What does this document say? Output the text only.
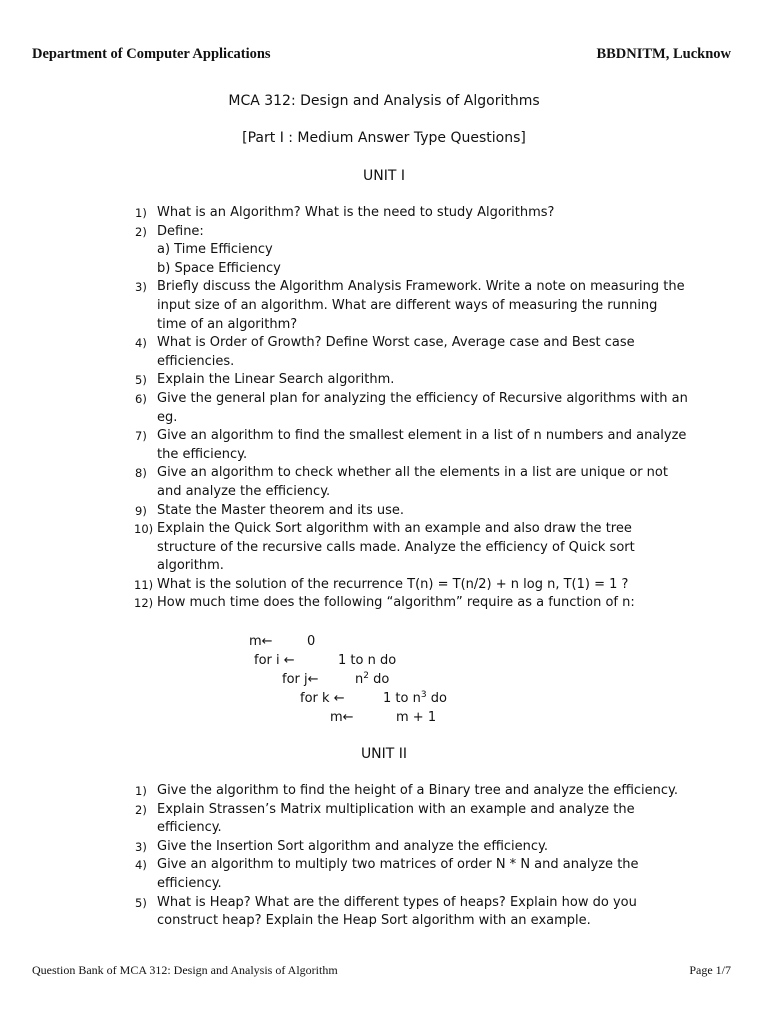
Department of Computer Applications	BBDNITM, Lucknow
MCA 312: Design and Analysis of Algorithms
[Part I : Medium Answer Type Questions]
UNIT I
1) What is an Algorithm? What is the need to study Algorithms?
2) Define:
a) Time Efficiency
b) Space Efficiency
3) Briefly discuss the Algorithm Analysis Framework. Write a note on measuring the input size of an algorithm. What are different ways of measuring the running time of an algorithm?
4) What is Order of Growth? Define Worst case, Average case and Best case efficiencies.
5) Explain the Linear Search algorithm.
6) Give the general plan for analyzing the efficiency of Recursive algorithms with an eg.
7) Give an algorithm to find the smallest element in a list of n numbers and analyze the efficiency.
8) Give an algorithm to check whether all the elements in a list are unique or not and analyze the efficiency.
9) State the Master theorem and its use.
10) Explain the Quick Sort algorithm with an example and also draw the tree structure of the recursive calls made. Analyze the efficiency of Quick sort algorithm.
11) What is the solution of the recurrence T(n) = T(n/2) + n log n, T(1) = 1 ?
12) How much time does the following “algorithm” require as a function of n:
m←	0
for i ←	1 to n do
for j←	$n^2$ do
for k ←	1 to $n^3$ do
m←	m + 1
UNIT II
1) Give the algorithm to find the height of a Binary tree and analyze the efficiency.
2) Explain Strassen’s Matrix multiplication with an example and analyze the efficiency.
3) Give the Insertion Sort algorithm and analyze the efficiency.
4) Give an algorithm to multiply two matrices of order N * N and analyze the efficiency.
5) What is Heap? What are the different types of heaps? Explain how do you construct heap? Explain the Heap Sort algorithm with an example.
Question Bank of MCA 312: Design and Analysis of Algorithm	Page 1/7
